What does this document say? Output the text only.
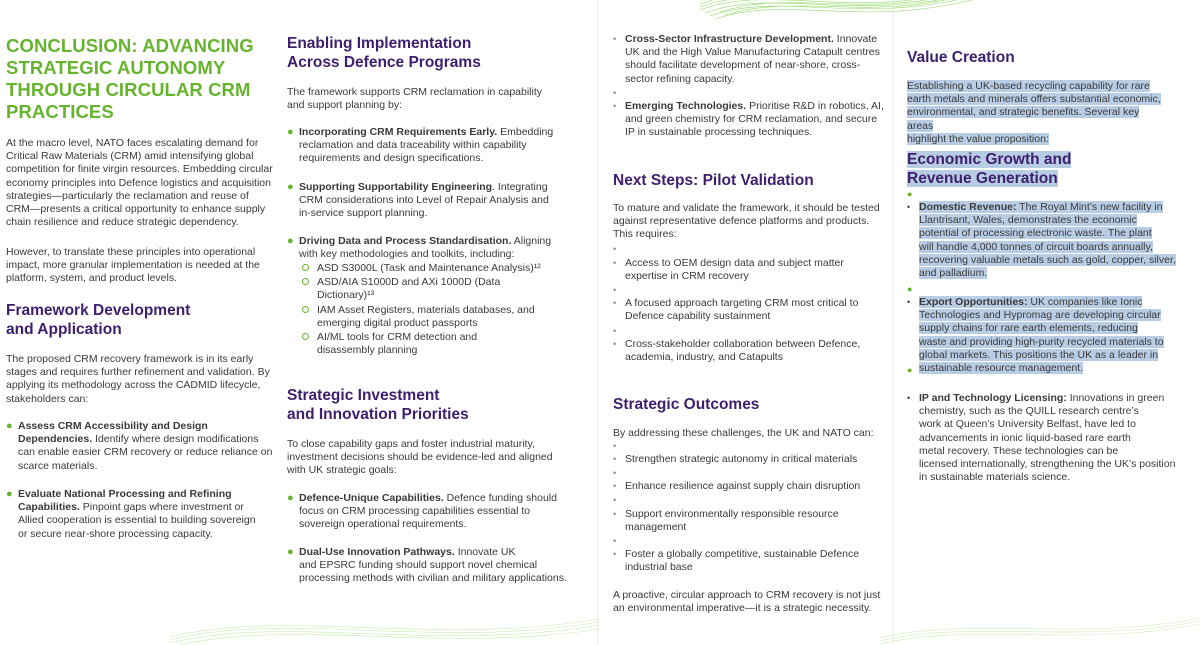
CONCLUSION: ADVANCING
STRATEGIC AUTONOMY
THROUGH CIRCULAR CRM
PRACTICES
At the macro level, NATO faces escalating demand for
Critical Raw Materials (CRM) amid intensifying global
competition for finite virgin resources. Embedding circular
economy principles into Defence logistics and acquisition
strategies—particularly the reclamation and reuse of
CRM—presents a critical opportunity to enhance supply
chain resilience and reduce strategic dependency.
However, to translate these principles into operational
impact, more granular implementation is needed at the
platform, system, and product levels.
Framework Development
and Application
The proposed CRM recovery framework is in its early
stages and requires further refinement and validation. By
applying its methodology across the CADMID lifecycle,
stakeholders can:
● Assess CRM Accessibility and Design
Dependencies. Identify where design modifications
can enable easier CRM recovery or reduce reliance on
scarce materials.
● Evaluate National Processing and Refining
Capabilities. Pinpoint gaps where investment or
Allied cooperation is essential to building sovereign
or secure near-shore processing capacity.
Enabling Implementation
Across Defence Programs
The framework supports CRM reclamation in capability
and support planning by:
● Incorporating CRM Requirements Early. Embedding
reclamation and data traceability within capability
requirements and design specifications.
● Supporting Supportability Engineering. Integrating
CRM considerations into Level of Repair Analysis and
in-service support planning.
● Driving Data and Process Standardisation. Aligning
with key methodologies and toolkits, including:
ASD S3000L (Task and Maintenance Analysis)¹²
ASD/AIA S1000D and AXi 1000D (Data
Dictionary)¹³
IAM Asset Registers, materials databases, and
emerging digital product passports
AI/ML tools for CRM detection and
disassembly planning
Strategic Investment
and Innovation Priorities
To close capability gaps and foster industrial maturity,
investment decisions should be evidence-led and aligned
with UK strategic goals:
● Defence-Unique Capabilities. Defence funding should
focus on CRM processing capabilities essential to
sovereign operational requirements.
● Dual-Use Innovation Pathways. Innovate UK
and EPSRC funding should support novel chemical
processing methods with civilian and military applications.
• Cross-Sector Infrastructure Development. Innovate
UK and the High Value Manufacturing Catapult centres
should facilitate development of near-shore, cross-
sector refining capacity.
•
• Emerging Technologies. Prioritise R&D in robotics, AI,
and green chemistry for CRM reclamation, and secure
IP in sustainable processing techniques.
Next Steps: Pilot Validation
To mature and validate the framework, it should be tested
against representative defence platforms and products.
This requires:
•
• Access to OEM design data and subject matter
expertise in CRM recovery
•
• A focused approach targeting CRM most critical to
Defence capability sustainment
•
• Cross-stakeholder collaboration between Defence,
academia, industry, and Catapults
Strategic Outcomes
By addressing these challenges, the UK and NATO can:
•
• Strengthen strategic autonomy in critical materials
•
• Enhance resilience against supply chain disruption
•
• Support environmentally responsible resource
management
•
• Foster a globally competitive, sustainable Defence
industrial base
A proactive, circular approach to CRM recovery is not just
an environmental imperative—it is a strategic necessity.
Value Creation
Establishing a UK-based recycling capability for rare
earth metals and minerals offers substantial economic,
environmental, and strategic benefits. Several key areas
highlight the value proposition:
Economic Growth and
Revenue Generation
●
• Domestic Revenue: The Royal Mint’s new facility in
Llantrisant, Wales, demonstrates the economic
potential of processing electronic waste. The plant
will handle 4,000 tonnes of circuit boards annually,
recovering valuable metals such as gold, copper, silver,
and palladium.
●
• Export Opportunities: UK companies like Ionic
Technologies and Hypromag are developing circular
supply chains for rare earth elements, reducing
waste and providing high-purity recycled materials to
global markets. This positions the UK as a leader in
sustainable resource management.
●
• IP and Technology Licensing: Innovations in green
chemistry, such as the QUILL research centre’s
work at Queen’s University Belfast, have led to
advancements in ionic liquid-based rare earth
metal recovery. These technologies can be
licensed internationally, strengthening the UK’s position
in sustainable materials science.
